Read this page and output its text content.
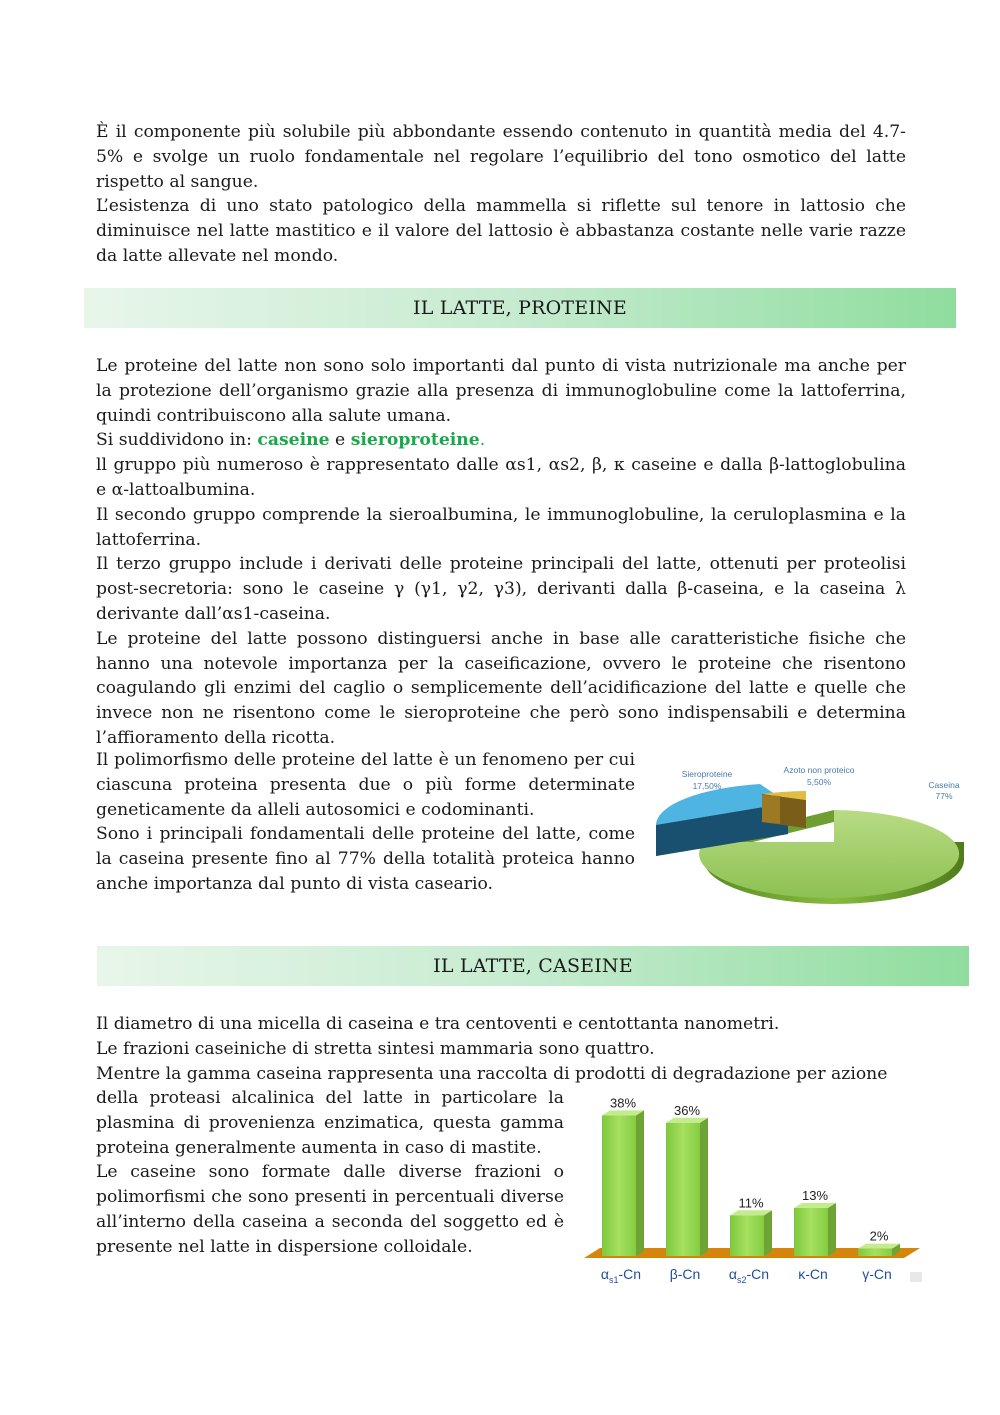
È il componente più solubile più abbondante essendo contenuto in quantità media del 4.7-5% e svolge un ruolo fondamentale nel regolare l’equilibrio del tono osmotico del latte rispetto al sangue.

L’esistenza di uno stato patologico della mammella si riflette sul tenore in lattosio che diminuisce nel latte mastitico e il valore del lattosio è abbastanza costante nelle varie razze da latte allevate nel mondo.

IL LATTE, PROTEINE

Le proteine del latte non sono solo importanti dal punto di vista nutrizionale ma anche per la protezione dell’organismo grazie alla presenza di immunoglobuline come la lattoferrina, quindi contribuiscono alla salute umana.

Si suddividono in: caseine e sieroproteine.

ll gruppo più numeroso è rappresentato dalle αs1, αs2, β, κ caseine e dalla β-lattoglobulina e α-lattoalbumina.

Il secondo gruppo comprende la sieroalbumina, le immunoglobuline, la ceruloplasmina e la lattoferrina.

Il terzo gruppo include i derivati delle proteine principali del latte, ottenuti per proteolisi post-secretoria: sono le caseine γ (γ1, γ2, γ3), derivanti dalla β-caseina, e la caseina λ derivante dall’αs1-caseina.

Le proteine del latte possono distinguersi anche in base alle caratteristiche fisiche che hanno una notevole importanza per la caseificazione, ovvero le proteine che risentono coagulando gli enzimi del caglio o semplicemente dell’acidificazione del latte e quelle che invece non ne risentono come le sieroproteine che però sono indispensabili e determina l’affioramento della ricotta.

Il polimorfismo delle proteine del latte è un fenomeno per cui ciascuna proteina presenta due o più forme determinate geneticamente da alleli autosomici e codominanti.

Sono i principali fondamentali delle proteine del latte, come la caseina presente fino al 77% della totalità proteica hanno anche importanza dal punto di vista caseario.

Sieroproteine
17,50%
Azoto non proteico
5,50%	Caseina
77%
IL LATTE, CASEINE

Il diametro di una micella di caseina e tra centoventi e centottanta nanometri.

Le frazioni caseiniche di stretta sintesi mammaria sono quattro.

Mentre la gamma caseina rappresenta una raccolta di prodotti di degradazione per azione

della proteasi alcalinica del latte in particolare la plasmina di provenienza enzimatica, questa gamma proteina generalmente aumenta in caso di mastite.

Le caseine sono formate dalle diverse frazioni o polimorfismi che sono presenti in percentuali diverse all’interno della caseina a seconda del soggetto ed è presente nel latte in dispersione colloidale.

38%	36%
11%	13%
2%
$\alpha_{s1}-Cn$ β-Cn $\alpha_{s2}-Cn$ κ-Cn γ-Cn
